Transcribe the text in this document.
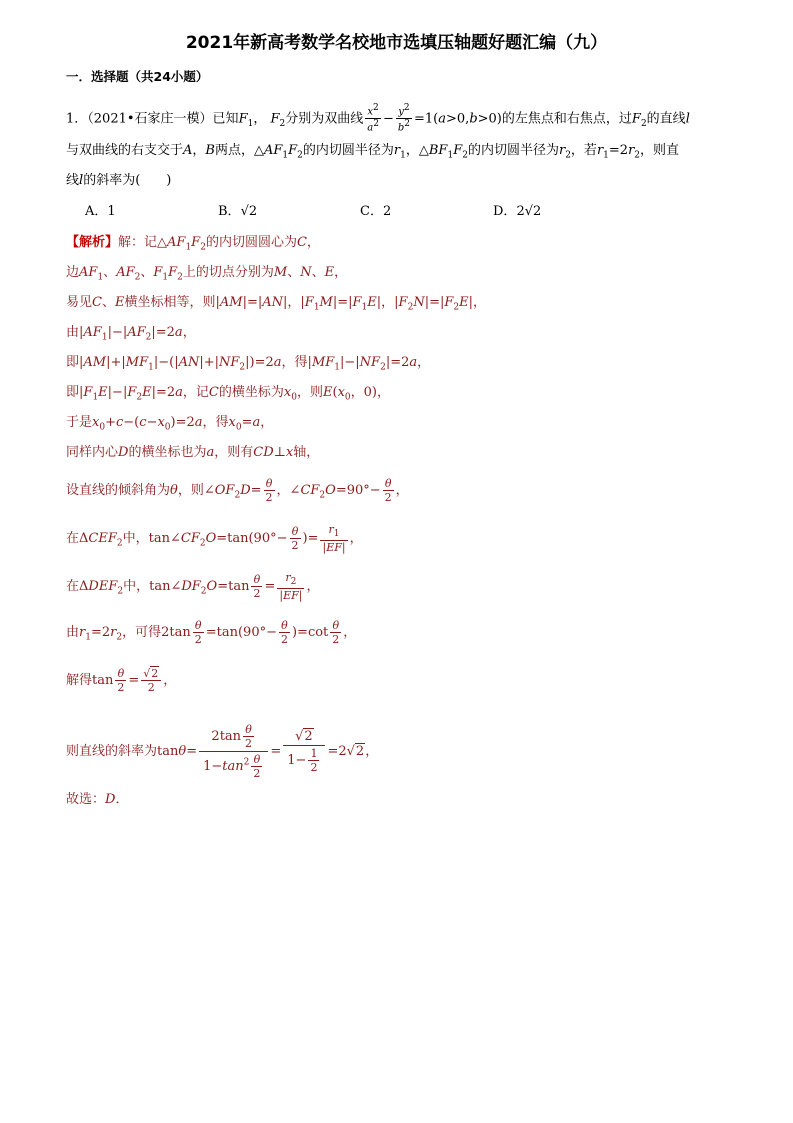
2021年新高考数学名校地市选填压轴题好题汇编（九）
一．选择题（共24小题）
1．（2021•石家庄一模）已知$F_1$， $F_2$分别为双曲线 $\frac{x^2}{a^2} - \frac{y^2}{b^2} =1(a>0,b>0)$的左焦点和右焦点，过$F_2$的直线l
与双曲线的右支交于A，B两点，$\triangle AF_1F_2$的内切圆半径为$r_1$，$\triangle BF_1F_2$的内切圆半径为$r_2$，若$r_1=2r_2$，则直
线l的斜率为(　　)
A．1	B．√2	C．2	D．2√2
【解析】解：记$\triangle AF_1F_2$的内切圆圆心为C，
边$AF_1$、$AF_2$、$F_1F_2$上的切点分别为M、N、E，
易见C、E横坐标相等，则|AM|=|AN|，$|F_1M|=|F_1E|$，$|F_2N|=|F_2E|$，
由$|AF_1|-|AF_2|=2a$，
即$|AM|+|MF_1|-(|AN|+|NF_2|)=2a$，得$|MF_1|-|NF_2|=2a$，
即$|F_1E|-|F_2E|=2a$，记C的横坐标为$x_0$，则$E(x_0$，0)，
于是$x_0+c-(c-x_0)=2a$，得$x_0=a$，
同样内心D的横坐标也为a，则有CD⊥x轴，
设直线的倾斜角为θ，则$\angle OF_2D= \frac{\theta}{2}$ ，$\angle CF_2O=90^\circ- \frac{\theta}{2}$ ，
在$\Delta CEF_2$中，$\tan\angle CF_2O=\tan(90^\circ- \frac{\theta}{2}$ )= $\frac{r_1}{|EF|}$ ，
在$\Delta DEF_2$中，$\tan\angle DF_2O=\tan \frac{\theta}{2} = \frac{r_2}{|EF|}$ ，
由$r_1=2r_2$，可得$2\tan \frac{\theta}{2} =\tan(90^\circ- \frac{\theta}{2} )=\cot \frac{\theta}{2}$ ，
解得$\tan \frac{\theta}{2} = \frac{√2}{2}$ ，
则直线的斜率为$\tan\theta= \frac{2\tan \frac{\theta}{2}}{1-\tan^2 \frac{\theta}{2}} = \frac{√2}{1- \frac{1}{2}} =2√2$，
故选：D．
